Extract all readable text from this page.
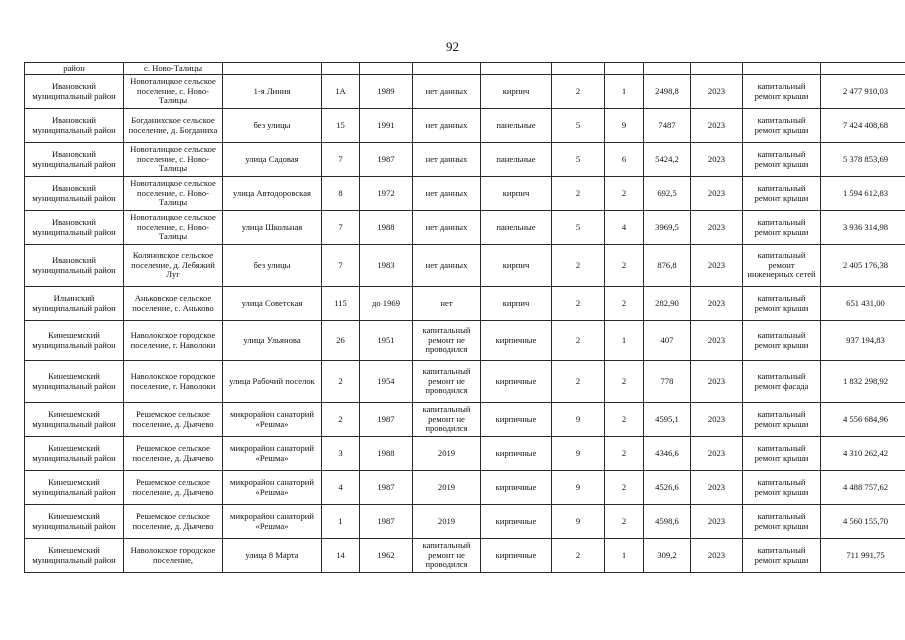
92
район	с. Ново-Талицы											
Ивановский муниципальный район	Новоталицкое сельское поселение, с. Ново-Талицы	1-я Линия	1А	1989	нет данных	кирпич	2	1	2498,8	2023	капитальный ремонт крыши	2 477 910,03
Ивановский муниципальный район	Богданихское сельское поселение, д. Богданиха	без улицы	15	1991	нет данных	панельные	5	9	7487	2023	капитальный ремонт крыши	7 424 408,68
Ивановский муниципальный район	Новоталицкое сельское поселение, с. Ново-Талицы	улица Садовая	7	1987	нет данных	панельные	5	6	5424,2	2023	капитальный ремонт крыши	5 378 853,69
Ивановский муниципальный район	Новоталицкое сельское поселение, с. Ново-Талицы	улица Автодоровская	8	1972	нет данных	кирпич	2	2	692,5	2023	капитальный ремонт крыши	1 594 612,83
Ивановский муниципальный район	Новоталицкое сельское поселение, с. Ново-Талицы	улица Школьная	7	1988	нет данных	панельные	5	4	3969,5	2023	капитальный ремонт крыши	3 936 314,98
Ивановский муниципальный район	Коляновское сельское поселение, д. Лебяжий Луг	без улицы	7	1983	нет данных	кирпич	2	2	876,8	2023	капитальный ремонт инженерных сетей	2 405 176,38
Ильинский муниципальный район	Аньковское сельское поселение, с. Аньково	улица Советская	115	до 1969	нет	кирпич	2	2	282,90	2023	капитальный ремонт крыши	651 431,00
Кинешемский муниципальный район	Наволокское городское поселение, г. Наволоки	улица Ульянова	26	1951	капитальный ремонт не проводился	кирпичные	2	1	407	2023	капитальный ремонт крыши	937 194,83
Кинешемский муниципальный район	Наволокское городское поселение, г. Наволоки	улица Рабочий поселок	2	1954	капитальный ремонт не проводился	кирпичные	2	2	778	2023	капитальный ремонт фасада	1 832 298,92
Кинешемский муниципальный район	Решемское сельское поселение, д. Дьячево	микрорайон санаторий «Решма»	2	1987	капитальный ремонт не проводился	кирпичные	9	2	4595,1	2023	капитальный ремонт крыши	4 556 684,96
Кинешемский муниципальный район	Решемское сельское поселение, д. Дьячево	микрорайон санаторий «Решма»	3	1988	2019	кирпичные	9	2	4346,6	2023	капитальный ремонт крыши	4 310 262,42
Кинешемский муниципальный район	Решемское сельское поселение, д. Дьячево	микрорайон санаторий «Решма»	4	1987	2019	кирпичные	9	2	4526,6	2023	капитальный ремонт крыши	4 488 757,62
Кинешемский муниципальный район	Решемское сельское поселение, д. Дьячево	микрорайон санаторий «Решма»	1	1987	2019	кирпичные	9	2	4598,6	2023	капитальный ремонт крыши	4 560 155,70
Кинешемский муниципальный район	Наволокское городское поселение,	улица 8 Марта	14	1962	капитальный ремонт не проводился	кирпичные	2	1	309,2	2023	капитальный ремонт крыши	711 991,75
